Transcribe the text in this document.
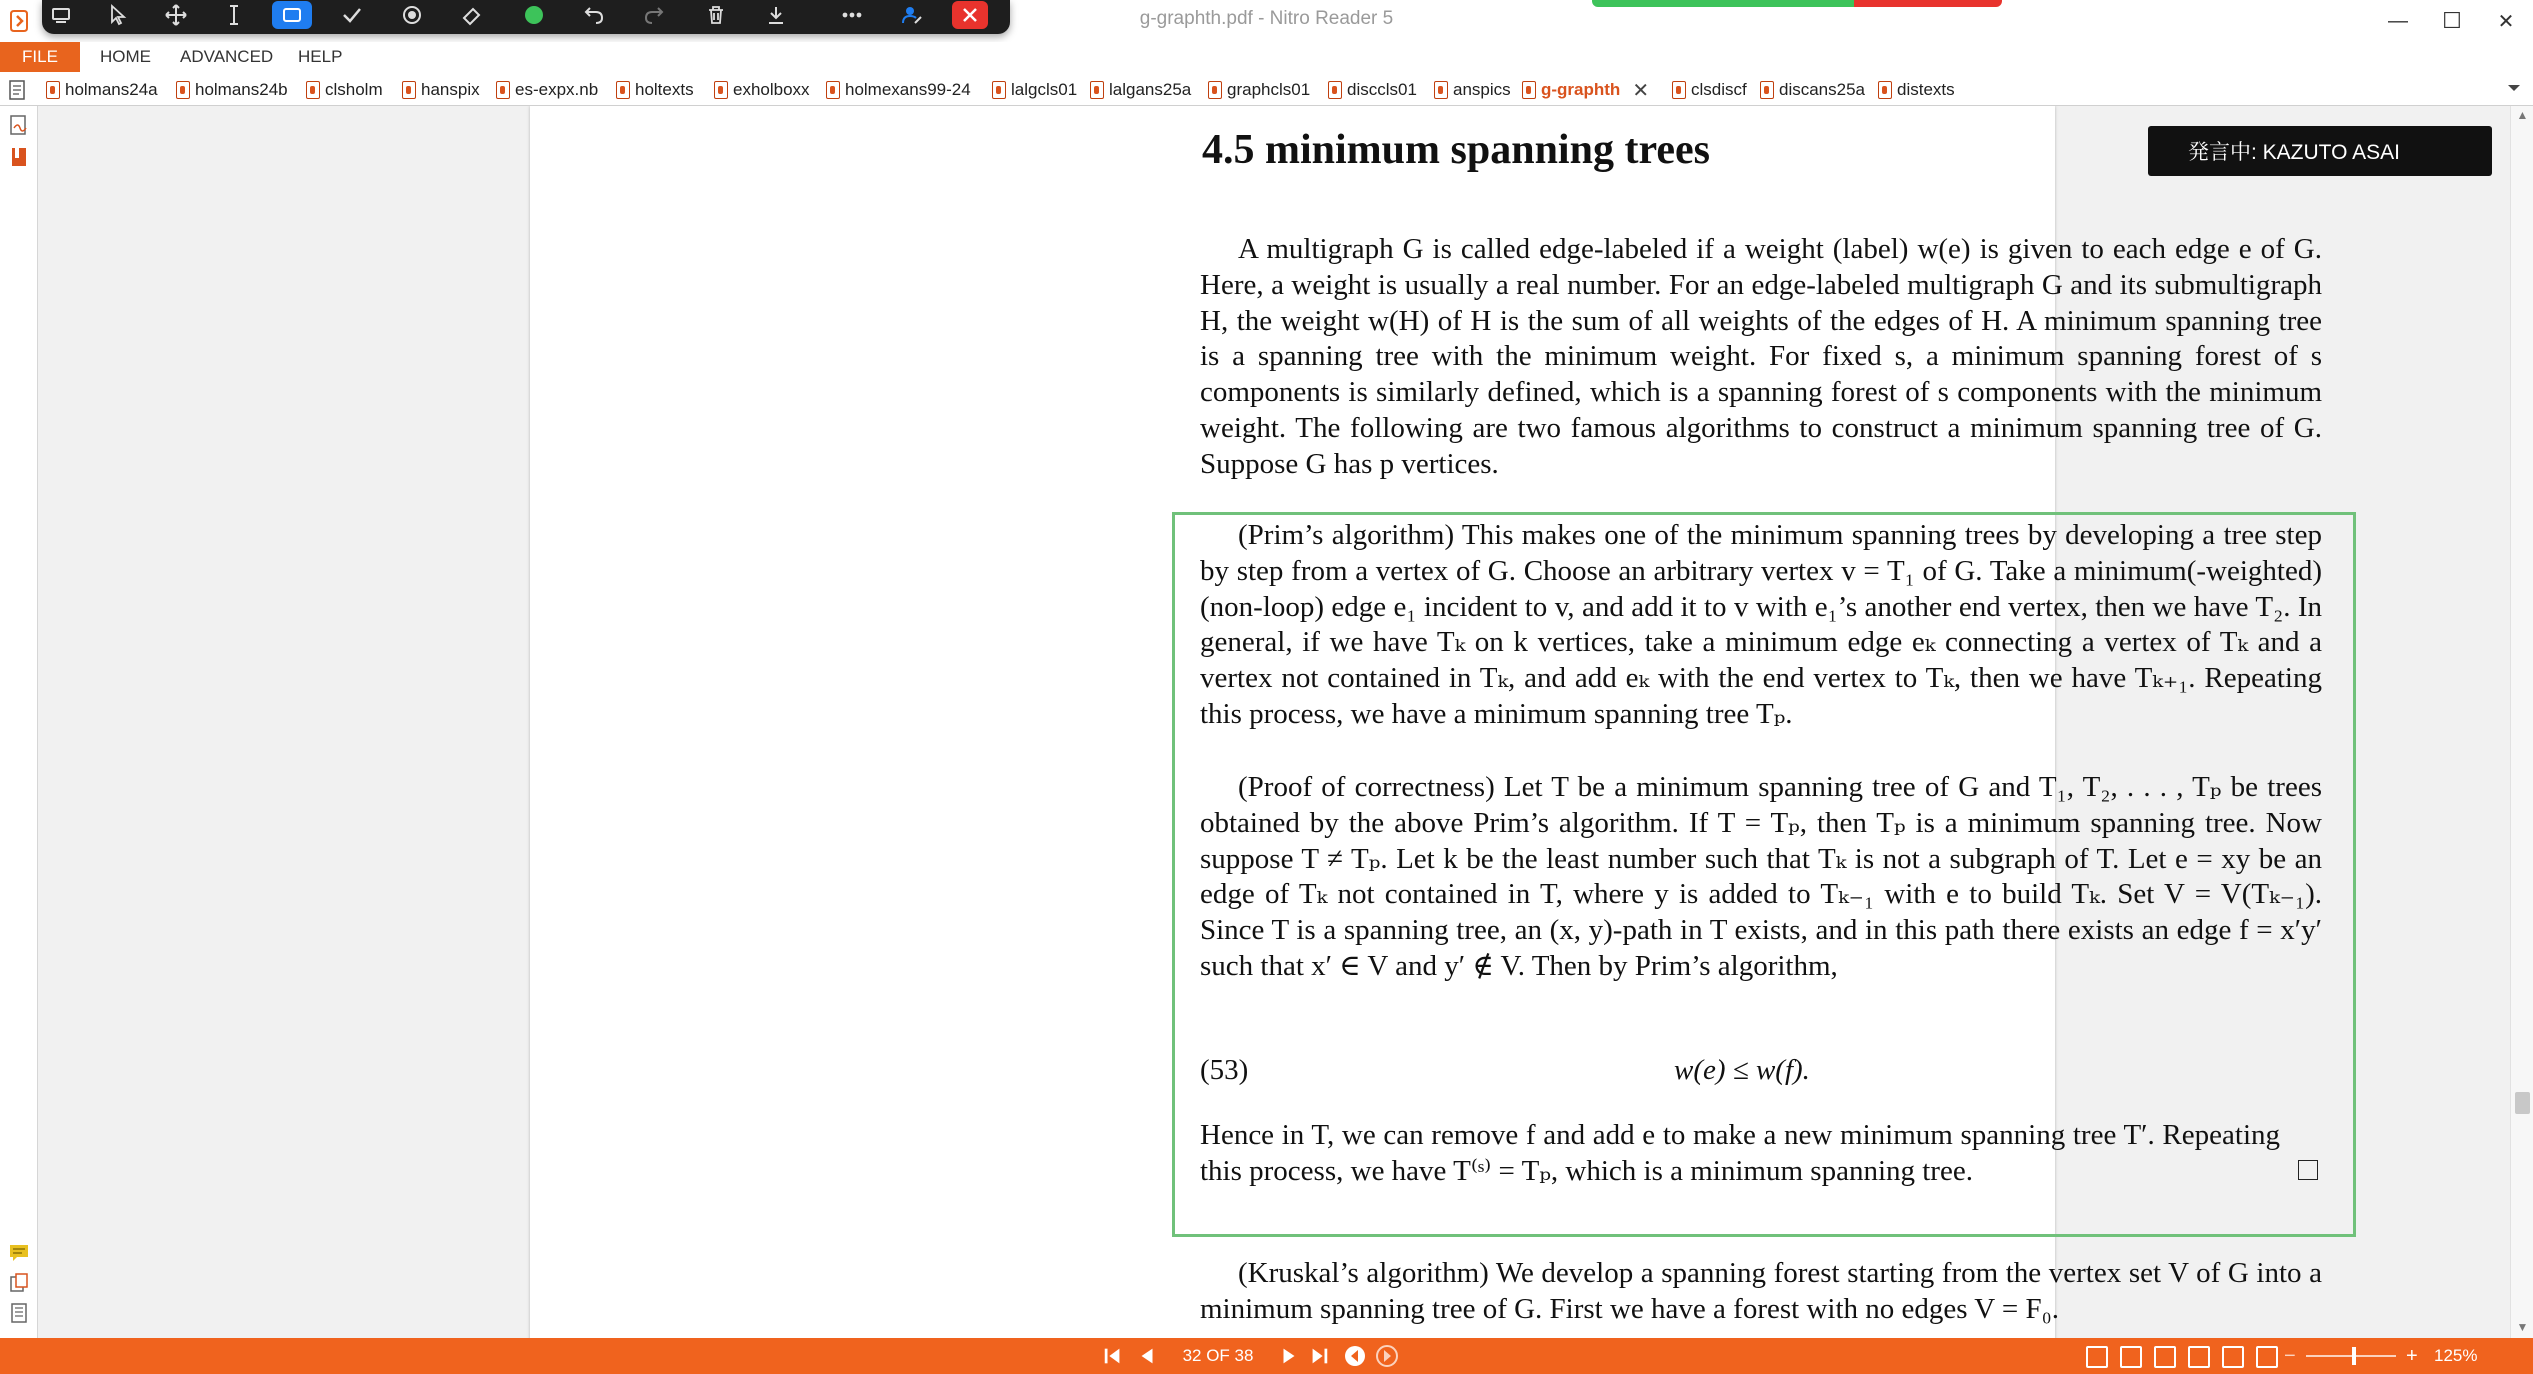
g-graphth.pdf - Nitro Reader 5	—	☐	✕
FILE	HOME ADVANCED HELP
holmans24a holmans24b clsholm hanspix es-expx.nb holtexts exholboxx holmexans99-24 lalgcls01 lalgans25a graphcls01 disccls01 anspics g-graphth ✕ clsdiscf discans25a distexts
4.5 minimum spanning trees
A multigraph G is called edge-labeled if a weight (label) w(e) is given to each edge e of G. Here, a weight is usually a real number. For an edge-labeled multigraph G and its submultigraph H, the weight w(H) of H is the sum of all weights of the edges of H. A minimum spanning tree is a spanning tree with the minimum weight. For fixed s, a minimum spanning forest of s components is similarly defined, which is a spanning forest of s components with the minimum weight. The following are two famous algorithms to construct a minimum spanning tree of G. Suppose G has p vertices.
(Prim’s algorithm) This makes one of the minimum spanning trees by developing a tree step by step from a vertex of G. Choose an arbitrary vertex v = T₁ of G. Take a minimum(-weighted) (non-loop) edge e₁ incident to v, and add it to v with e₁’s another end vertex, then we have T₂. In general, if we have Tₖ on k vertices, take a minimum edge eₖ connecting a vertex of Tₖ and a vertex not contained in Tₖ, and add eₖ with the end vertex to Tₖ, then we have Tₖ₊₁. Repeating this process, we have a minimum spanning tree Tₚ.
(Proof of correctness) Let T be a minimum spanning tree of G and T₁, T₂, . . . , Tₚ be trees obtained by the above Prim’s algorithm. If T = Tₚ, then Tₚ is a minimum spanning tree. Now suppose T ≠ Tₚ. Let k be the least number such that Tₖ is not a subgraph of T. Let e = xy be an edge of Tₖ not contained in T, where y is added to Tₖ₋₁ with e to build Tₖ. Set V = V(Tₖ₋₁). Since T is a spanning tree, an (x, y)-path in T exists, and in this path there exists an edge f = x′y′ such that x′ ∈ V and y′ ∉ V. Then by Prim’s algorithm,
(53)	w(e) ≤ w(f).
Hence in T, we can remove f and add e to make a new minimum spanning tree T′. Repeating this process, we have T⁽ˢ⁾ = Tₚ, which is a minimum spanning tree.
(Kruskal’s algorithm) We develop a spanning forest starting from the vertex set V of G into a minimum spanning tree of G. First we have a forest with no edges V = F₀.
発言中: KAZUTO ASAI
▲
▼
32 OF 38	−	+ 125%
